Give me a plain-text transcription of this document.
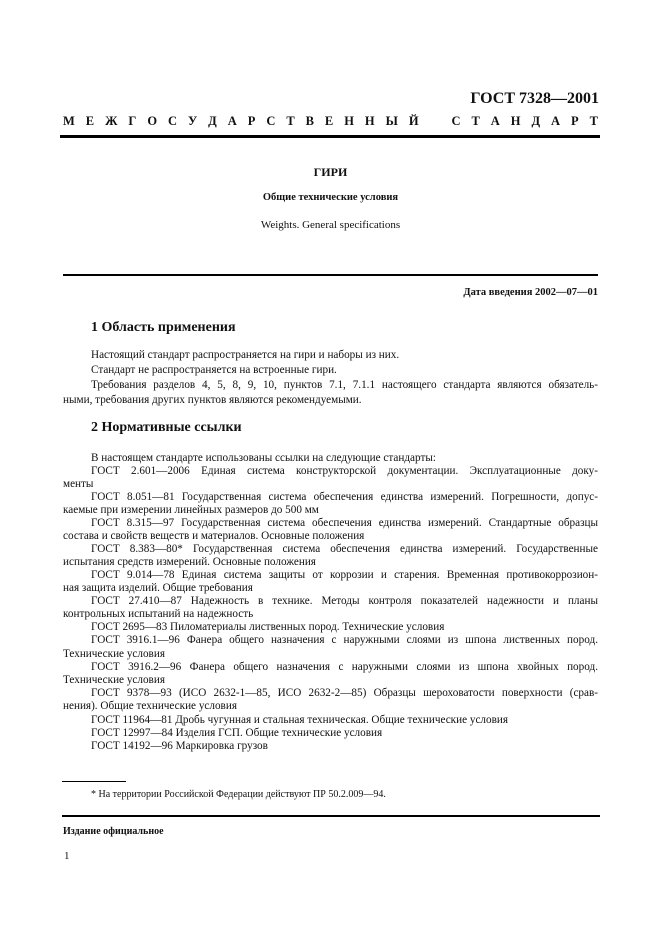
ГОСТ 7328—2001
М Е Ж Г О С У Д А Р С Т В Е Н Н Ы Й   С Т А Н Д А Р Т
ГИРИ
Общие технические условия
Weights. General specifications
Дата введения 2002—07—01
1 Область применения
Настоящий стандарт распространяется на гири и наборы из них.
Стандарт не распространяется на встроенные гири.
Требования разделов 4, 5, 8, 9, 10, пунктов 7.1, 7.1.1 настоящего стандарта являются обязатель-
ными, требования других пунктов являются рекомендуемыми.
2 Нормативные ссылки
В настоящем стандарте использованы ссылки на следующие стандарты:
ГОСТ 2.601—2006 Единая система конструкторской документации. Эксплуатационные доку-
менты
ГОСТ 8.051—81 Государственная система обеспечения единства измерений. Погрешности, допус-
каемые при измерении линейных размеров до 500 мм
ГОСТ 8.315—97 Государственная система обеспечения единства измерений. Стандартные образцы
состава и свойств веществ и материалов. Основные положения
ГОСТ 8.383—80* Государственная система обеспечения единства измерений. Государственные
испытания средств измерений. Основные положения
ГОСТ 9.014—78 Единая система защиты от коррозии и старения. Временная противокоррозион-
ная защита изделий. Общие требования
ГОСТ 27.410—87 Надежность в технике. Методы контроля показателей надежности и планы
контрольных испытаний на надежность
ГОСТ 2695—83 Пиломатериалы лиственных пород. Технические условия
ГОСТ 3916.1—96 Фанера общего назначения с наружными слоями из шпона лиственных пород.
Технические условия
ГОСТ 3916.2—96 Фанера общего назначения с наружными слоями из шпона хвойных пород.
Технические условия
ГОСТ 9378—93 (ИСО 2632-1—85, ИСО 2632-2—85) Образцы шероховатости поверхности (срав-
нения). Общие технические условия
ГОСТ 11964—81 Дробь чугунная и стальная техническая. Общие технические условия
ГОСТ 12997—84 Изделия ГСП. Общие технические условия
ГОСТ 14192—96 Маркировка грузов
* На территории Российской Федерации действуют ПР 50.2.009—94.
Издание официальное
1
